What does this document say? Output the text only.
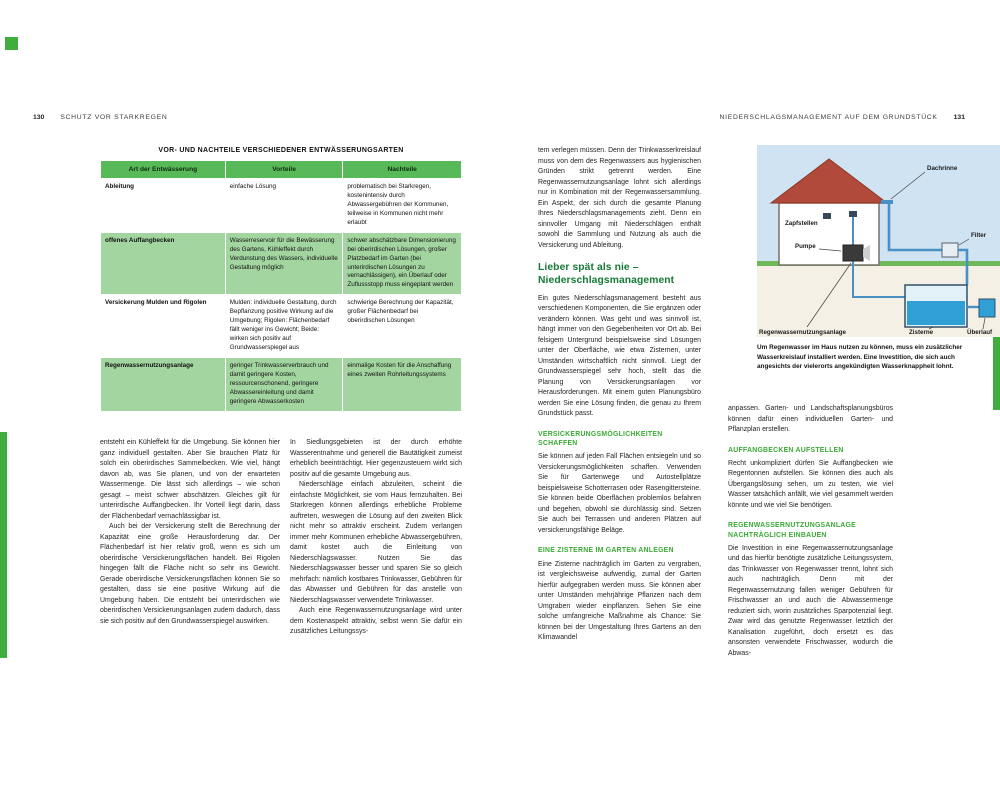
130 SCHUTZ VOR STARKREGEN	NIEDERSCHLAGSMANAGEMENT AUF DEM GRUNDSTÜCK 131

VOR- UND NACHTEILE VERSCHIEDENER ENTWÄSSERUNGSARTEN

Art der Entwässerung	Vorteile	Nachteile
Ableitung	einfache Lösung	problematisch bei Starkregen, kostenintensiv durch Abwassergebühren der Kommunen, teilweise in Kommunen nicht mehr erlaubt
offenes Auffangbecken	Wasserreservoir für die Bewässerung des Gartens, Kühleffekt durch Verdunstung des Wassers, individuelle Gestaltung möglich	schwer abschätzbare Dimensionierung bei oberirdischen Lösungen, großer Platzbedarf im Garten (bei unterirdischen Lösungen zu vernachlässigen), ein Überlauf oder Zuflussstopp muss eingeplant werden
Versickerung Mulden und Rigolen	Mulden: individuelle Gestaltung, durch Bepflanzung positive Wirkung auf die Umgebung; Rigolen: Flächenbedarf fällt weniger ins Gewicht; Beide: wirken sich positiv auf Grundwasserspiegel aus	schwierige Berechnung der Kapazität, großer Flächenbedarf bei oberirdischen Lösungen
Regenwassernutzungsanlage	geringer Trinkwasserverbrauch und damit geringere Kosten, ressourcenschonend, geringere Abwassereinleitung und damit geringere Abwasserkosten	einmalige Kosten für die Anschaffung eines zweiten Rohrleitungssystems

entsteht ein Kühleffekt für die Umgebung. Sie können hier ganz individuell gestalten. Aber Sie brauchen Platz für solch ein oberirdisches Sammelbecken. Wie viel, hängt davon ab, was Sie planen, und von der erwarteten Wassermenge. Die lässt sich allerdings – wie schon gesagt – meist schwer abschätzen. Gleiches gilt für unterirdische Auffangbecken. Ihr Vorteil liegt darin, dass der Flächenbedarf vernachlässigbar ist.

Auch bei der Versickerung stellt die Berechnung der Kapazität eine große Herausforderung dar. Der Flächenbedarf ist hier relativ groß, wenn es sich um oberirdische Versickerungsflächen handelt. Bei Rigolen hingegen fällt die Fläche nicht so sehr ins Gewicht. Gerade oberirdische Versickerungsflächen können Sie so gestalten, dass sie eine positive Wirkung auf die Umgebung haben. Die entsteht bei unterirdischen wie oberirdischen Versickerungsanlagen zudem dadurch, dass sie sich positiv auf den Grundwasserspiegel auswirken.

In Siedlungsgebieten ist der durch erhöhte Wasserentnahme und generell die Bautätigkeit zumeist erheblich beeinträchtigt. Hier gegenzusteuern wirkt sich positiv auf die gesamte Umgebung aus.

Niederschläge einfach abzuleiten, scheint die einfachste Möglichkeit, sie vom Haus fernzuhalten. Bei Starkregen können allerdings erhebliche Probleme auftreten, weswegen die Lösung auf den zweiten Blick nicht mehr so attraktiv erscheint. Zudem verlangen immer mehr Kommunen erhebliche Abwassergebühren, damit kostet auch die Einleitung von Niederschlagswasser. Nutzen Sie das Niederschlagswasser besser und sparen Sie so gleich mehrfach: nämlich kostbares Trinkwasser, Gebühren für das Abwasser und Gebühren für das anstelle von Niederschlagswasser verwendete Trinkwasser.

Auch eine Regenwassernutzungsanlage wird unter dem Kostenaspekt attraktiv, selbst wenn Sie dafür ein zusätzliches Leitungssys-

tem verlegen müssen. Denn der Trinkwasserkreislauf muss von dem des Regenwassers aus hygienischen Gründen strikt getrennt werden. Eine Regenwassernutzungsanlage lohnt sich allerdings nur in Kombination mit der Regenwassersammlung. Ein Aspekt, der sich durch die gesamte Planung Ihres Niederschlagsmanagements zieht. Denn ein sinnvoller Umgang mit Niederschlägen enthält sowohl die Sammlung und Nutzung als auch die Versickerung und Ableitung.

Lieber spät als nie – Niederschlagsmanagement

Ein gutes Niederschlagsmanagement besteht aus verschiedenen Komponenten, die Sie ergänzen oder verändern können. Was geht und was sinnvoll ist, hängt immer von den Gegebenheiten vor Ort ab. Bei felsigem Untergrund beispielsweise sind Lösungen unter der Oberfläche, wie etwa Zisternen, unter Umständen wirtschaftlich nicht sinnvoll. Liegt der Grundwasserspiegel sehr hoch, stellt das die Planung von Versickerungsanlagen vor Herausforderungen. Mit einem guten Planungsbüro werden Sie eine Lösung finden, die genau zu Ihrem Grundstück passt.

VERSICKERUNGSMÖGLICHKEITEN SCHAFFEN

Sie können auf jeden Fall Flächen entsiegeln und so Versickerungsmöglichkeiten schaffen. Verwenden Sie für Gartenwege und Autostellplätze beispielsweise Schotterrasen oder Rasengittersteine. Sie können beide Oberflächen problemlos befahren und begehen, obwohl sie durchlässig sind. Setzen Sie auch bei Terrassen und anderen Plätzen auf versickerungsfähige Beläge.

EINE ZISTERNE IM GARTEN ANLEGEN

Eine Zisterne nachträglich im Garten zu vergraben, ist vergleichsweise aufwendig, zumal der Garten hierfür aufgegraben werden muss. Sie können aber unter Umständen mehrjährige Pflanzen nach dem Umgraben wieder einpflanzen. Sehen Sie eine solche umfangreiche Maßnahme als Chance: Sie können bei der Umgestaltung Ihres Gartens an den Klimawandel

Dachrinne
Zapfstellen
Pumpe
Filter
Regenwassernutzungsanlage	Zisterne	Überlauf
Um Regenwasser im Haus nutzen zu können, muss ein zusätzlicher Wasserkreislauf installiert werden. Eine Investition, die sich auch angesichts der vielerorts angekündigten Wasserknappheit lohnt.

anpassen. Garten- und Landschaftsplanungsbüros können dafür einen individuellen Garten- und Pflanzplan erstellen.

AUFFANGBECKEN AUFSTELLEN

Recht unkompliziert dürfen Sie Auffangbecken wie Regentonnen aufstellen. Sie können dies auch als Übergangslösung sehen, um zu testen, wie viel Wasser tatsächlich anfällt, wie viel gesammelt werden könnte und wie viel Sie benötigen.

REGENWASSERNUTZUNGSANLAGE NACHTRÄGLICH EINBAUEN

Die Investition in eine Regenwassernutzungsanlage und das hierfür benötigte zusätzliche Leitungssystem, das Trinkwasser von Regenwasser trennt, lohnt sich auch nachträglich. Denn mit der Regenwassernutzung fallen weniger Gebühren für Frischwasser an und auch die Abwassermenge reduziert sich, worin zusätzliches Sparpotenzial liegt. Zwar wird das genutzte Regenwasser letztlich der Kanalisation zugeführt, doch ersetzt es das ansonsten verwendete Frischwasser, wodurch die Abwas-
